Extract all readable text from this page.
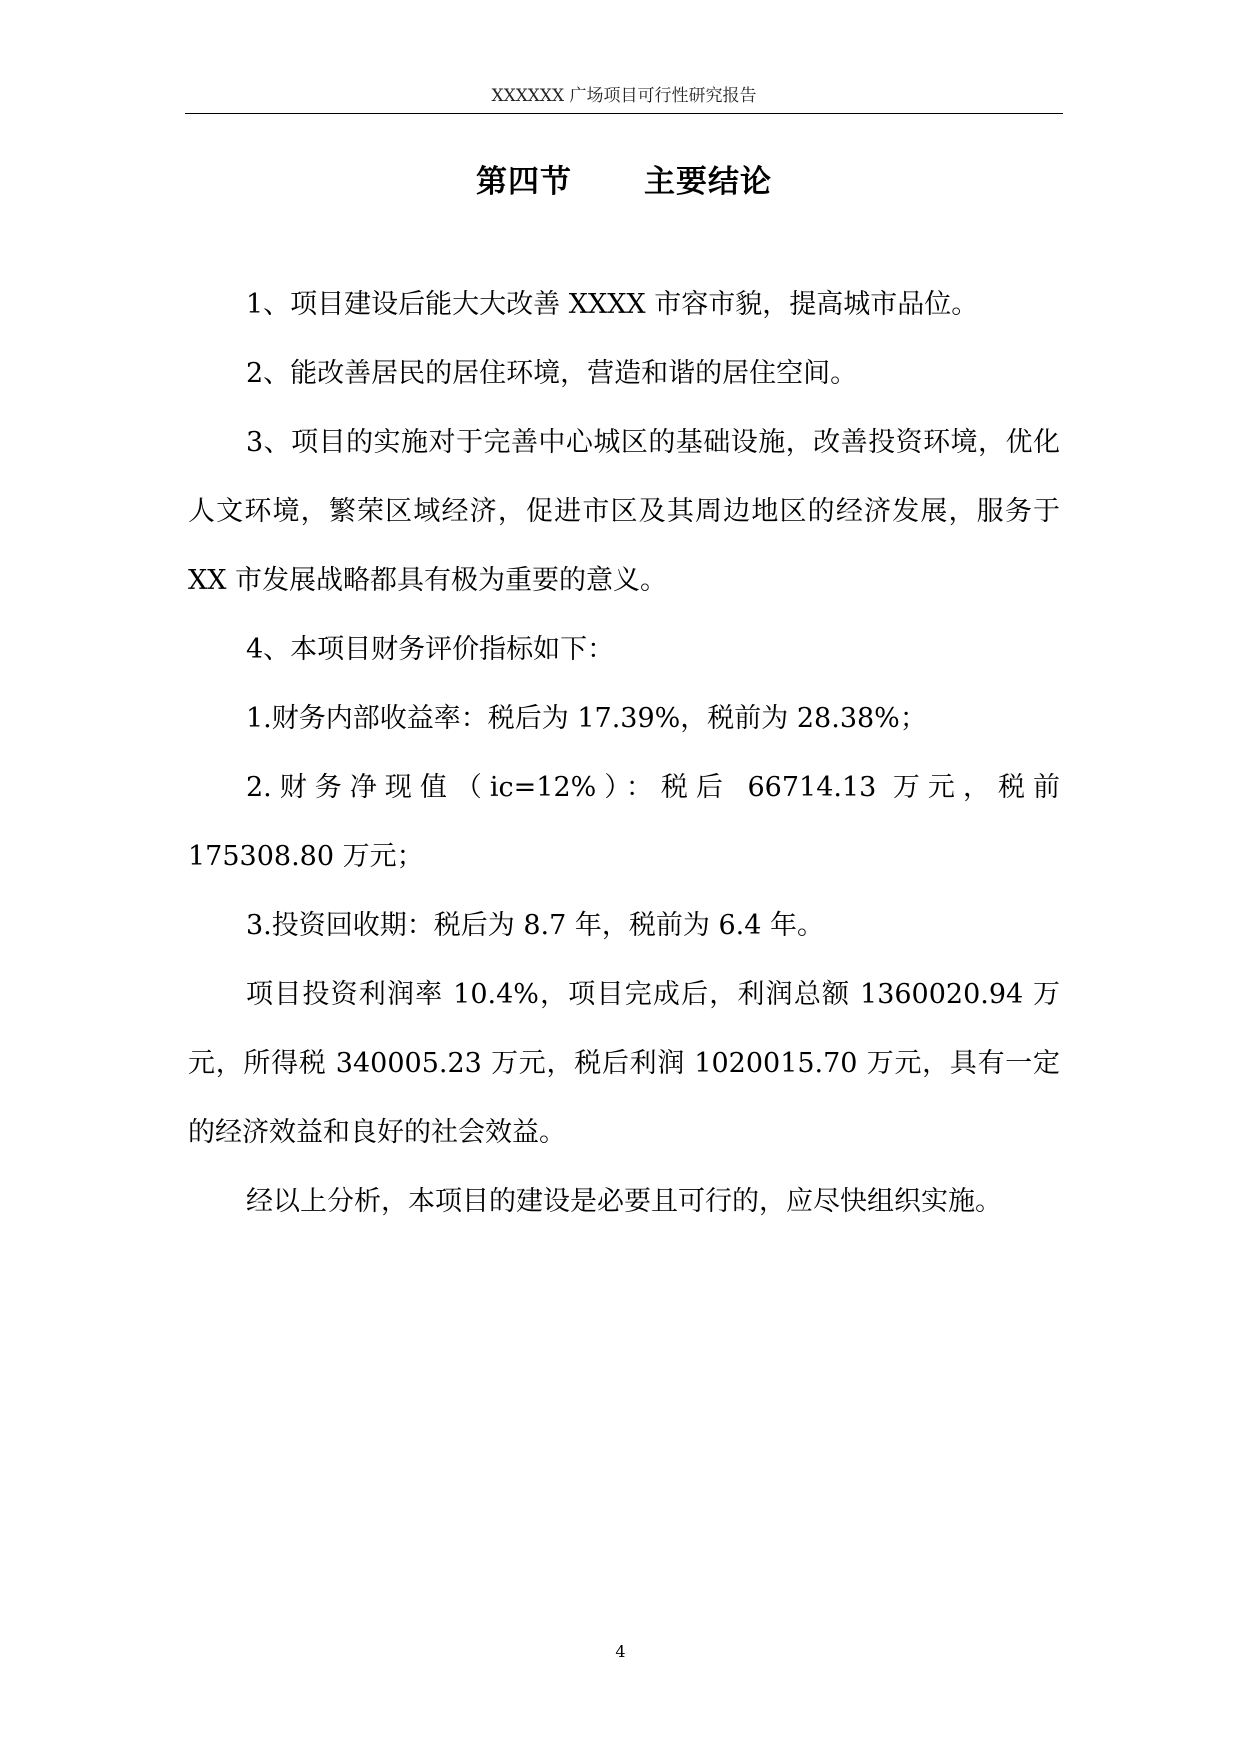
XXXXXX 广场项目可行性研究报告
第四节 主要结论

1、项目建设后能大大改善 XXXX 市容市貌，提高城市品位。

2、能改善居民的居住环境，营造和谐的居住空间。

3、项目的实施对于完善中心城区的基础设施，改善投资环境，优化人文环境，繁荣区域经济，促进市区及其周边地区的经济发展，服务于 XX 市发展战略都具有极为重要的意义。

4、本项目财务评价指标如下：

1.财务内部收益率：税后为 17.39%，税前为 28.38%；

2.财务净现值（ic=12%）：税后 66714.13 万元，税前 175308.80 万元；

3.投资回收期：税后为 8.7 年，税前为 6.4 年。

项目投资利润率 10.4%，项目完成后，利润总额 1360020.94 万元，所得税 340005.23 万元，税后利润 1020015.70 万元，具有一定的经济效益和良好的社会效益。

经以上分析，本项目的建设是必要且可行的，应尽快组织实施。

4
